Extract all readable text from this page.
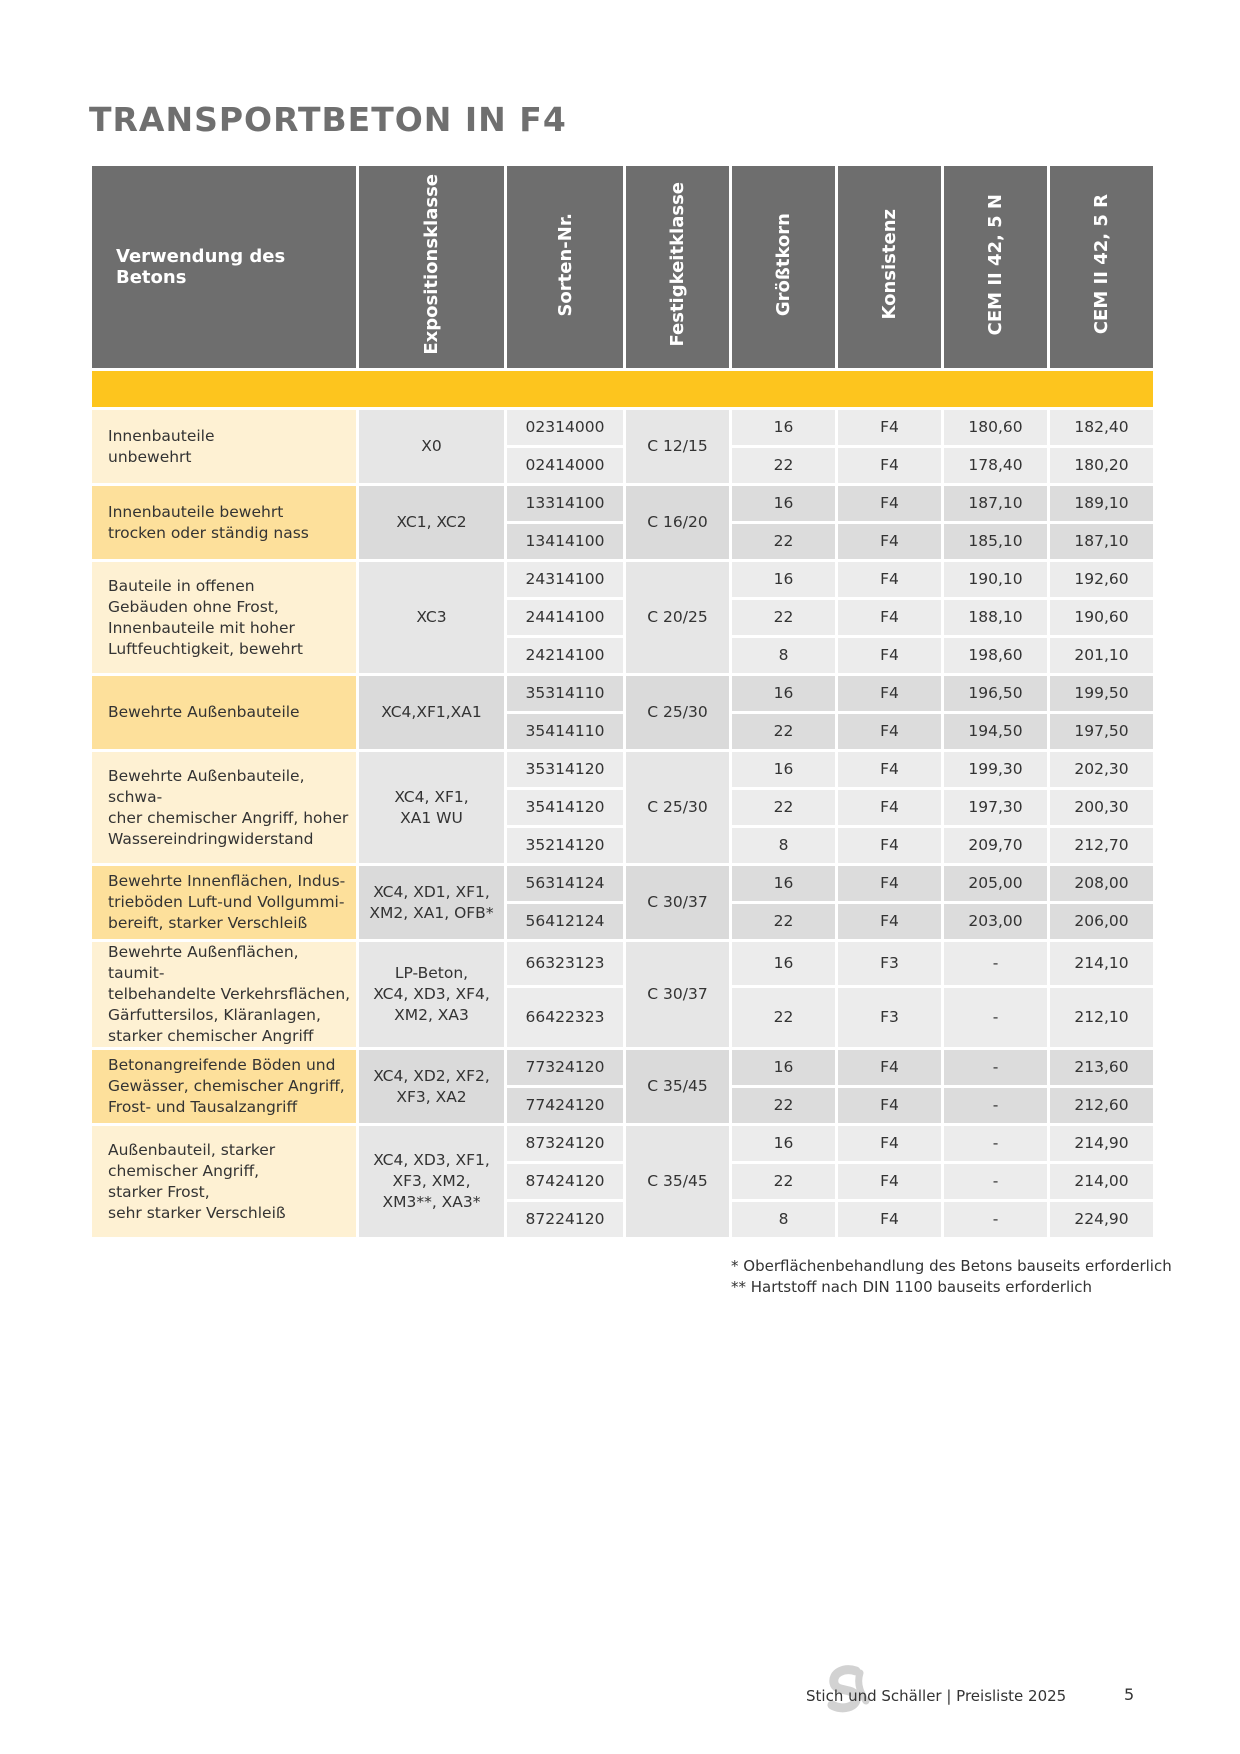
TRANSPORTBETON IN F4
Verwendung des Betons	Expositionsklasse	Sorten-Nr.	Festigkeitklasse	Größtkorn	Konsistenz	CEM II 42, 5 N	CEM II 42, 5 R

Innenbauteile
unbewehrt	X0	02314000	C 12/15	16	F4	180,60	182,40
		02414000		22	F4	178,40	180,20
Innenbauteile bewehrt
trocken oder ständig nass	XC1, XC2	13314100	C 16/20	16	F4	187,10	189,10
		13414100		22	F4	185,10	187,10
Bauteile in offenen
Gebäuden ohne Frost,
Innenbauteile mit hoher
Luftfeuchtigkeit, bewehrt	XC3	24314100	C 20/25	16	F4	190,10	192,60
		24414100		22	F4	188,10	190,60
		24214100		8	F4	198,60	201,10
Bewehrte Außenbauteile	XC4,XF1,XA1	35314110	C 25/30	16	F4	196,50	199,50
		35414110		22	F4	194,50	197,50
Bewehrte Außenbauteile, schwa-
cher chemischer Angriff, hoher
Wassereindringwiderstand	XC4, XF1,
XA1 WU	35314120	C 25/30	16	F4	199,30	202,30
		35414120		22	F4	197,30	200,30
		35214120		8	F4	209,70	212,70
Bewehrte Innenflächen, Indus-
trieböden Luft-und Vollgummi-
bereift, starker Verschleiß	XC4, XD1, XF1,
XM2, XA1, OFB*	56314124	C 30/37	16	F4	205,00	208,00
		56412124		22	F4	203,00	206,00
Bewehrte Außenflächen, taumit-
telbehandelte Verkehrsflächen,
Gärfuttersilos, Kläranlagen,
starker chemischer Angriff	LP-Beton,
XC4, XD3, XF4,
XM2, XA3	66323123	C 30/37	16	F3	-	214,10
		66422323		22	F3	-	212,10
Betonangreifende Böden und
Gewässer, chemischer Angriff,
Frost- und Tausalzangriff	XC4, XD2, XF2,
XF3, XA2	77324120	C 35/45	16	F4	-	213,60
		77424120		22	F4	-	212,60
Außenbauteil, starker
chemischer Angriff,
starker Frost,
sehr starker Verschleiß	XC4, XD3, XF1,
XF3, XM2,
XM3**, XA3*	87324120	C 35/45	16	F4	-	214,90
		87424120		22	F4	-	214,00
		87224120		8	F4	-	224,90
* Oberflächenbehandlung des Betons bauseits erforderlich
** Hartstoff nach DIN 1100 bauseits erforderlich
Stich und Schäller | Preisliste 2025	5
